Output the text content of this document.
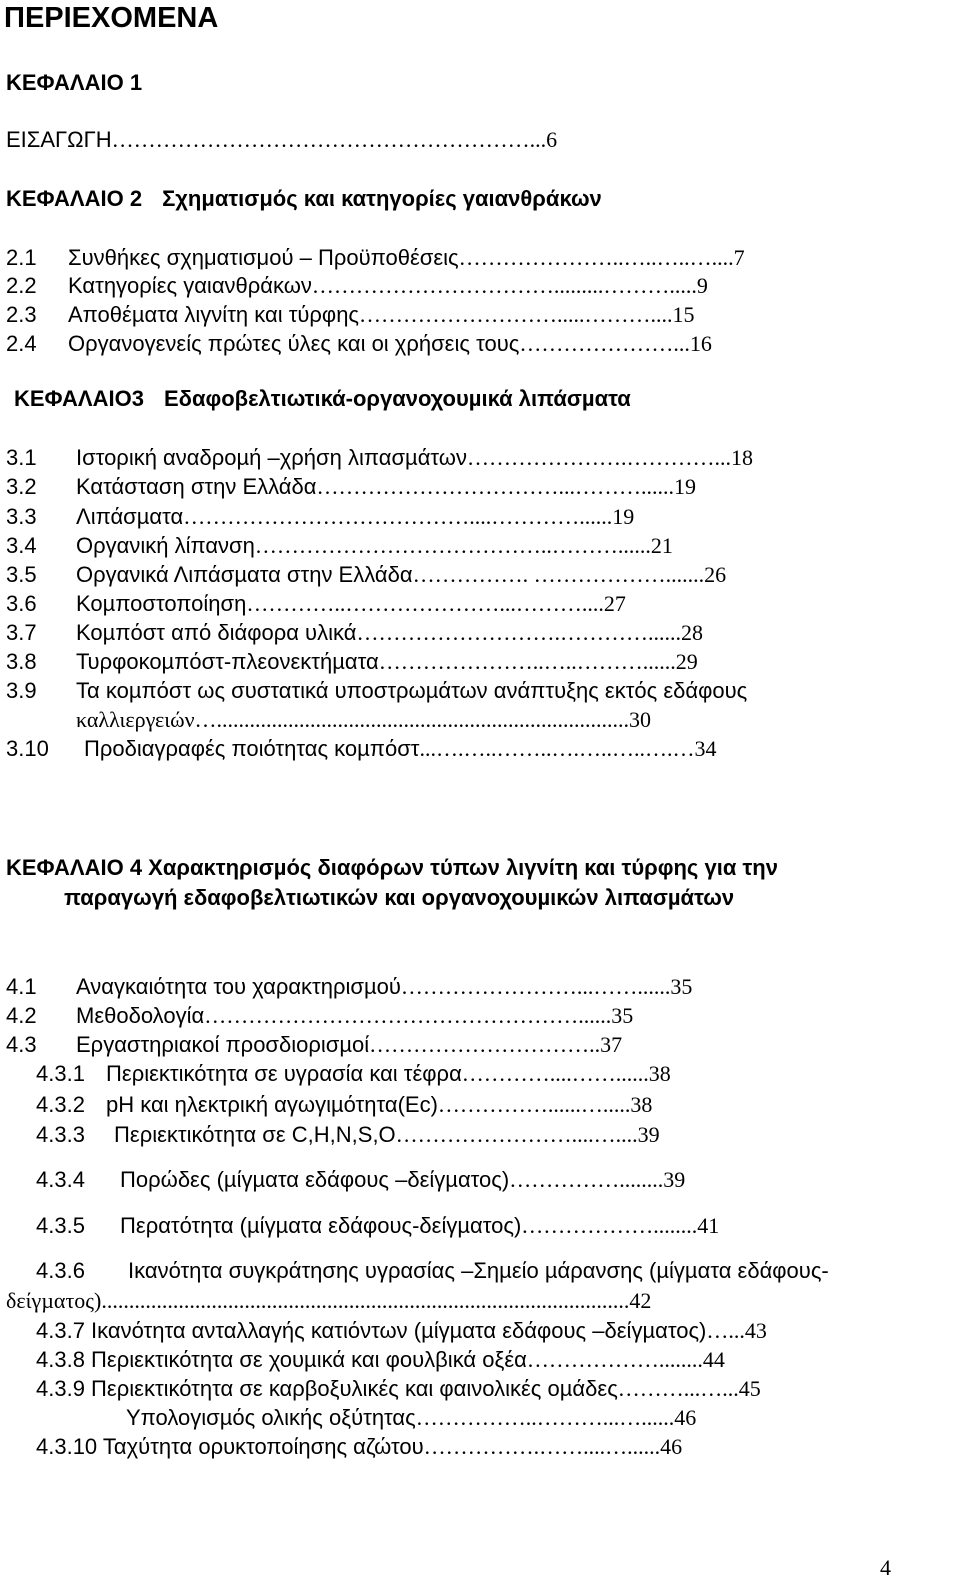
ΠΕΡΙΕΧΟΜΕΝΑ
ΚΕΦΑΛΑΙΟ 1
ΕΙΣΑΓΩΓΗ…………………………………………………...6
ΚΕΦΑΛΑΙΟ 2 Σχηματισμός και κατηγορίες γαιανθράκων
2.1 Συνθήκες σχηματισμού – Προϋποθέσεις…………………..…..…..…....7
2.2 Κατηγορίες γαιανθράκων…………………………….........……….....9
2.3 Αποθέµατα λιγνίτη και τύρφης……………………….....………....15
2.4 Οργανογενείς πρώτες ύλες και οι χρήσεις τους…………………...16
ΚΕΦΑΛΑΙΟ3 Εδαφοβελτιωτικά-οργανοχουµικά λιπάσµατα
3.1 Ιστορική αναδροµή –χρήση λιπασµάτων………………….…………...18
3.2 Κατάσταση στην Ελλάδα……………………………...………......19
3.3 Λιπάσµατα…………………………………....…………......19
3.4 Οργανική λίπανση…………………………………..………......21
3.5 Οργανικά Λιπάσµατα στην Ελλάδα……………. ……………….......26
3.6 Κοµποστοποίηση…………..…………………...………....27
3.7 Κοµπόστ από διάφορα υλικά……………………….…………......28
3.8 Τυρφοκοµπόστ-πλεονεκτήµατα…………………..…..………......29
3.9 Τα κοµπόστ ως συστατικά υποστρωµάτων ανάπτυξης εκτός εδάφους
καλλιεργειών…...........................................................................30
3.10 Προδιαγραφές ποιότητας κοµπόστ...….…..……..….…..…..….…34
ΚΕΦΑΛΑΙΟ 4 Χαρακτηρισµός διαφόρων τύπων λιγνίτη και τύρφης για την
παραγωγή εδαφοβελτιωτικών και οργανοχουµικών λιπασµάτων
4.1 Αναγκαιότητα του χαρακτηρισµού……………………...……......35
4.2 Μεθοδολογία……………………………………………......35
4.3 Εργαστηριακοί προσδιορισµοί…………………………..37
4.3.1 Περιεκτικότητα σε υγρασία και τέφρα…………....……......38
4.3.2 pH και ηλεκτρική αγωγιµότητα(Εc)……………......….....38
4.3.3 Περιεκτικότητα σε C,H,N,S,O……………………....…....39
4.3.4 Πορώδες (µίγµατα εδάφους –δείγµατος)……………........39
4.3.5 Περατότητα (µίγµατα εδάφους-δείγµατος)………………........41
4.3.6 Ικανότητα συγκράτησης υγρασίας –Σηµείο µάρανσης (µίγµατα εδάφους-
δείγµατος)................................................................................................42
4.3.7 Ικανότητα ανταλλαγής κατιόντων (µίγµατα εδάφους –δείγµατος)…...43
4.3.8 Περιεκτικότητα σε χουµικά και φουλβικά οξέα………………........44
4.3.9 Περιεκτικότητα σε καρβοξυλικές και φαινολικές οµάδες………...…...45
Υπολογισµός ολικής οξύτητας……………..………...…......46
4.3.10 Ταχύτητα ορυκτοποίησης αζώτου…………….……....…......46
4
